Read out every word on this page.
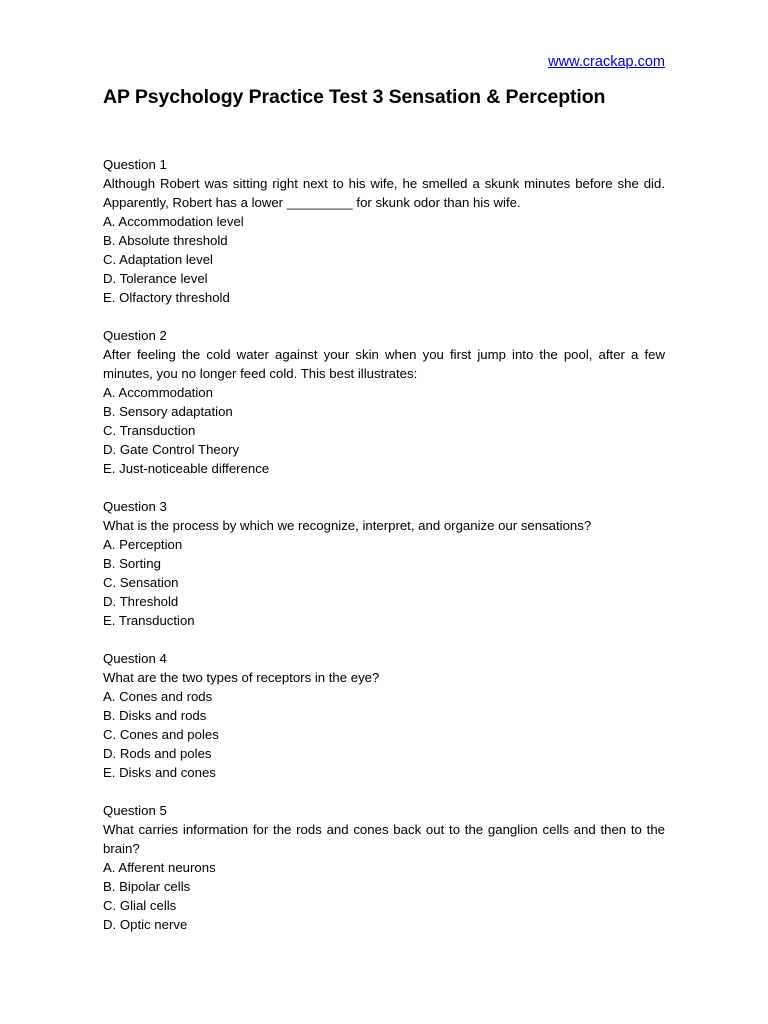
www.crackap.com
AP Psychology Practice Test 3 Sensation & Perception
Question 1
Although Robert was sitting right next to his wife, he smelled a skunk minutes before she did. Apparently, Robert has a lower _________ for skunk odor than his wife.
A. Accommodation level
B. Absolute threshold
C. Adaptation level
D. Tolerance level
E. Olfactory threshold
Question 2
After feeling the cold water against your skin when you first jump into the pool, after a few minutes, you no longer feed cold. This best illustrates:
A. Accommodation
B. Sensory adaptation
C. Transduction
D. Gate Control Theory
E. Just-noticeable difference
Question 3
What is the process by which we recognize, interpret, and organize our sensations?
A. Perception
B. Sorting
C. Sensation
D. Threshold
E. Transduction
Question 4
What are the two types of receptors in the eye?
A. Cones and rods
B. Disks and rods
C. Cones and poles
D. Rods and poles
E. Disks and cones
Question 5
What carries information for the rods and cones back out to the ganglion cells and then to the brain?
A. Afferent neurons
B. Bipolar cells
C. Glial cells
D. Optic nerve
